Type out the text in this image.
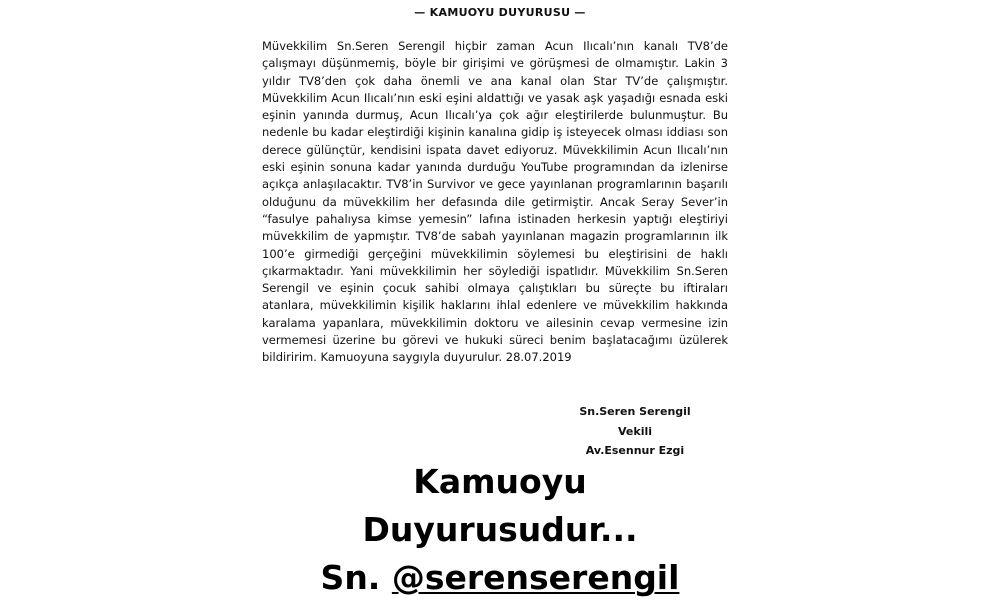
— KAMUOYU DUYURUSU —

Müvekkilim Sn.Seren Serengil hiçbir zaman Acun Ilıcalı’nın kanalı TV8’de çalışmayı düşünmemiş, böyle bir girişimi ve görüşmesi de olmamıştır. Lakin 3 yıldır TV8’den çok daha önemli ve ana kanal olan Star TV’de çalışmıştır. Müvekkilim Acun Ilıcalı’nın eski eşini aldattığı ve yasak aşk yaşadığı esnada eski eşinin yanında durmuş, Acun Ilıcalı’ya çok ağır eleştirilerde bulunmuştur. Bu nedenle bu kadar eleştirdiği kişinin kanalına gidip iş isteyecek olması iddiası son derece gülünçtür, kendisini ispata davet ediyoruz. Müvekkilimin Acun Ilıcalı’nın eski eşinin sonuna kadar yanında durduğu YouTube programından da izlenirse açıkça anlaşılacaktır. TV8’in Survivor ve gece yayınlanan programlarının başarılı olduğunu da müvekkilim her defasında dile getirmiştir. Ancak Seray Sever’in “fasulye pahalıysa kimse yemesin” lafına istinaden herkesin yaptığı eleştiriyi müvekkilim de yapmıştır. TV8’de sabah yayınlanan magazin programlarının ilk 100’e girmediği gerçeğini müvekkilimin söylemesi bu eleştirisini de haklı çıkarmaktadır. Yani müvekkilimin her söylediği ispatlıdır. Müvekkilim Sn.Seren Serengil ve eşinin çocuk sahibi olmaya çalıştıkları bu süreçte bu iftiraları atanlara, müvekkilimin kişilik haklarını ihlal edenlere ve müvekkilim hakkında karalama yapanlara, müvekkilimin doktoru ve ailesinin cevap vermesine izin vermemesi üzerine bu görevi ve hukuki süreci benim başlatacağımı üzülerek bildiririm. Kamuoyuna saygıyla duyurulur. 28.07.2019

Sn.Seren Serengil
Vekili
Av.Esennur Ezgi
Kamuoyu
Duyurusudur...
Sn. @serenserengil
